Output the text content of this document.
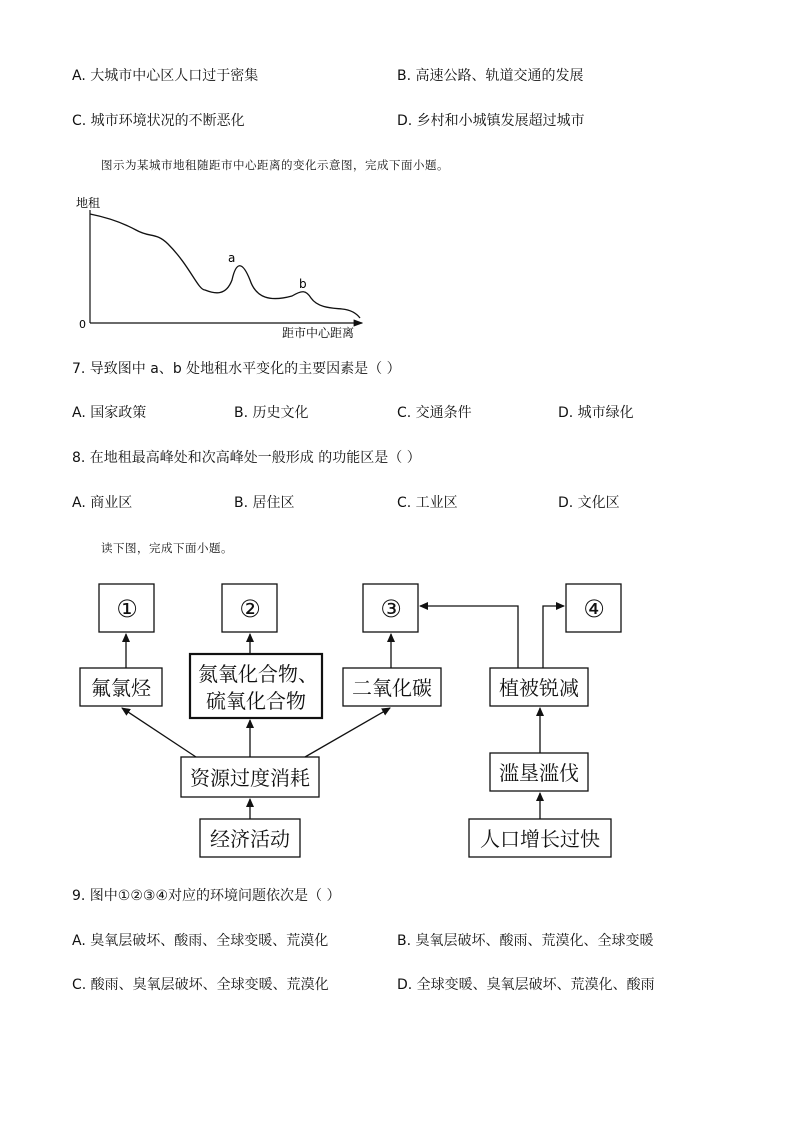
A. 大城市中心区人口过于密集	B. 高速公路、轨道交通的发展
C. 城市环境状况的不断恶化	D. 乡村和小城镇发展超过城市
图示为某城市地租随距市中心距离的变化示意图，完成下面小题。
地租
0
距市中心距离
a
b
7. 导致图中 a、b 处地租水平变化的主要因素是（ ）
A. 国家政策	B. 历史文化	C. 交通条件	D. 城市绿化
8. 在地租最高峰处和次高峰处一般形成 的功能区是（ ）
A. 商业区	B. 居住区	C. 工业区	D. 文化区
读下图，完成下面小题。
①	②	③	④
氟氯烃
氮氧化合物、
硫氧化合物
二氧化碳	植被锐减
资源过度消耗	滥垦滥伐
经济活动	人口增长过快
9. 图中①②③④对应的环境问题依次是（ ）
A. 臭氧层破坏、酸雨、全球变暖、荒漠化	B. 臭氧层破坏、酸雨、荒漠化、全球变暖
C. 酸雨、臭氧层破坏、全球变暖、荒漠化	D. 全球变暖、臭氧层破坏、荒漠化、酸雨
